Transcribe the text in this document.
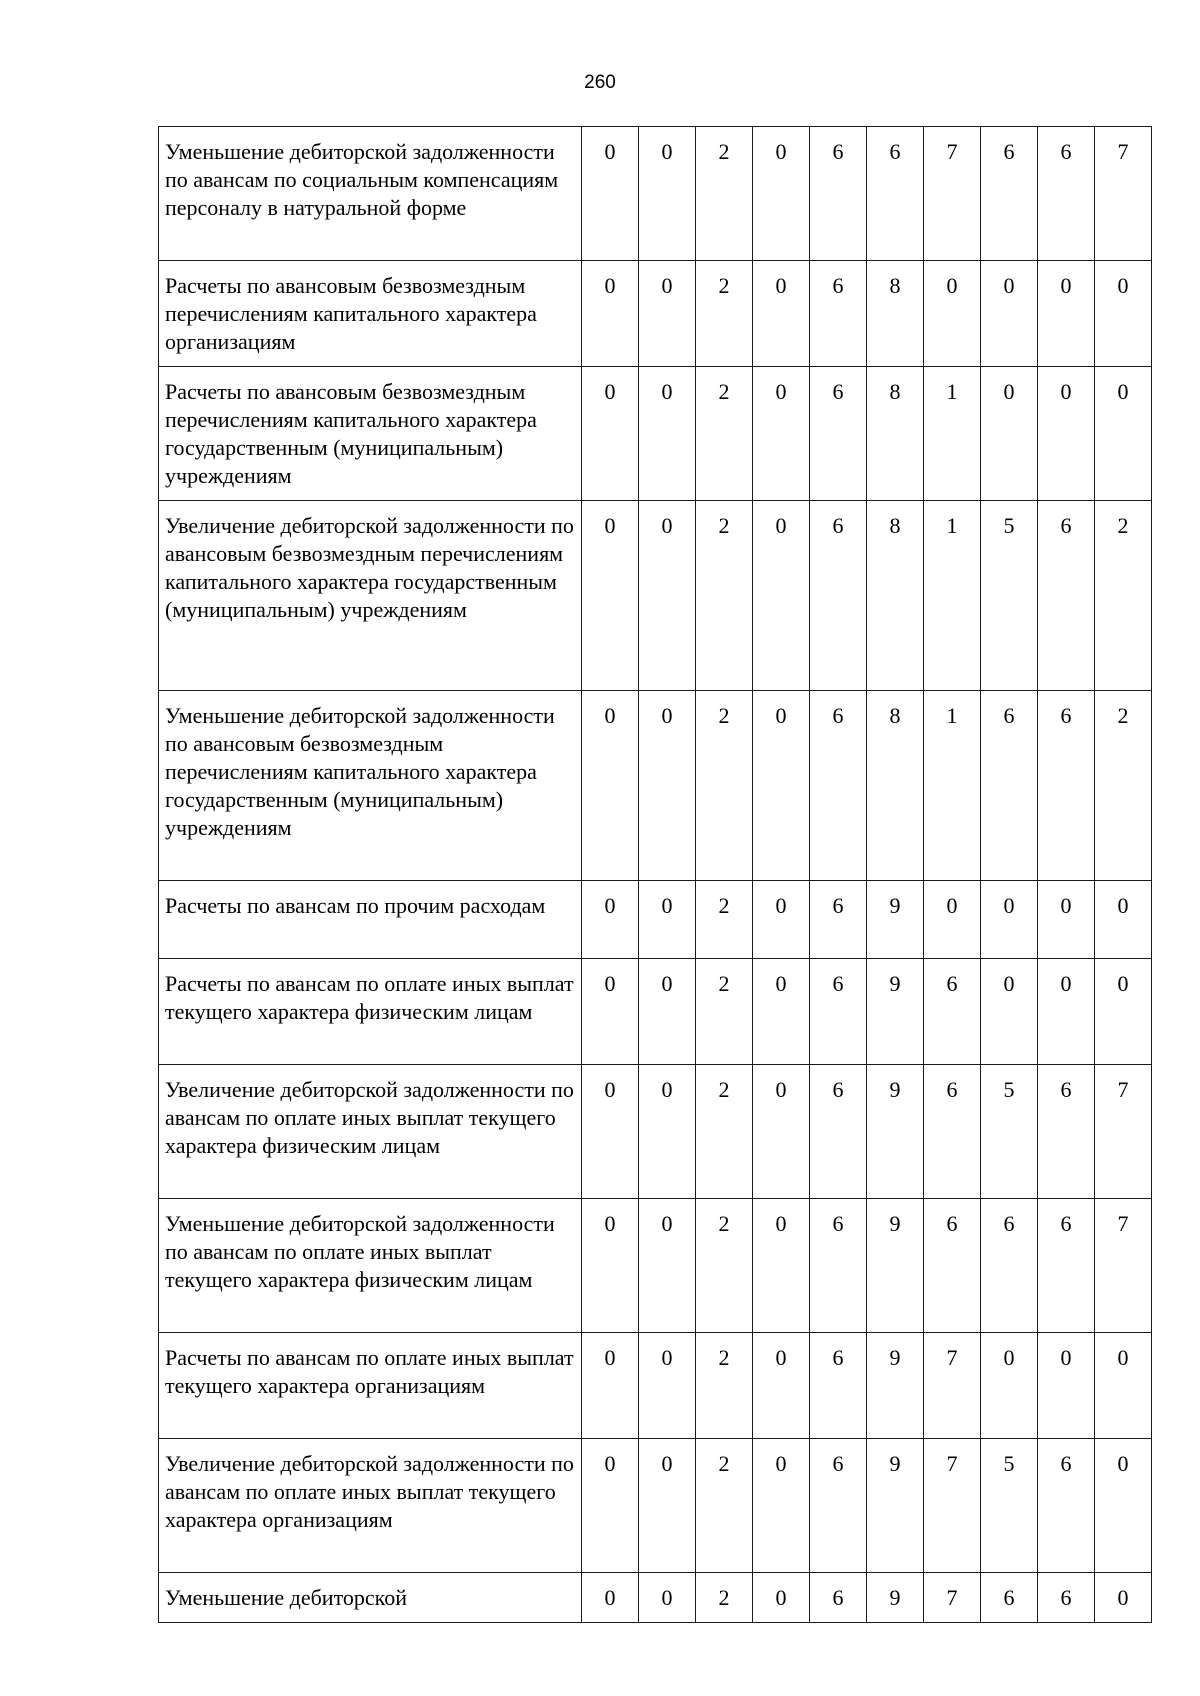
260
Уменьшение дебиторской задолженности по авансам по социальным компенсациям персоналу в натуральной форме	0	0	2	0	6	6	7	6	6	7
Расчеты по авансовым безвозмездным перечислениям капитального характера организациям	0	0	2	0	6	8	0	0	0	0
Расчеты по авансовым безвозмездным перечислениям капитального характера государственным (муниципальным) учреждениям	0	0	2	0	6	8	1	0	0	0
Увеличение дебиторской задолженности по авансовым безвозмездным перечислениям капитального характера государственным (муниципальным) учреждениям	0	0	2	0	6	8	1	5	6	2
Уменьшение дебиторской задолженности по авансовым безвозмездным перечислениям капитального характера государственным (муниципальным) учреждениям	0	0	2	0	6	8	1	6	6	2
Расчеты по авансам по прочим расходам	0	0	2	0	6	9	0	0	0	0
Расчеты по авансам по оплате иных выплат текущего характера физическим лицам	0	0	2	0	6	9	6	0	0	0
Увеличение дебиторской задолженности по авансам по оплате иных выплат текущего характера физическим лицам	0	0	2	0	6	9	6	5	6	7
Уменьшение дебиторской задолженности по авансам по оплате иных выплат текущего характера физическим лицам	0	0	2	0	6	9	6	6	6	7
Расчеты по авансам по оплате иных выплат текущего характера организациям	0	0	2	0	6	9	7	0	0	0
Увеличение дебиторской задолженности по авансам по оплате иных выплат текущего характера организациям	0	0	2	0	6	9	7	5	6	0
Уменьшение дебиторской	0	0	2	0	6	9	7	6	6	0
